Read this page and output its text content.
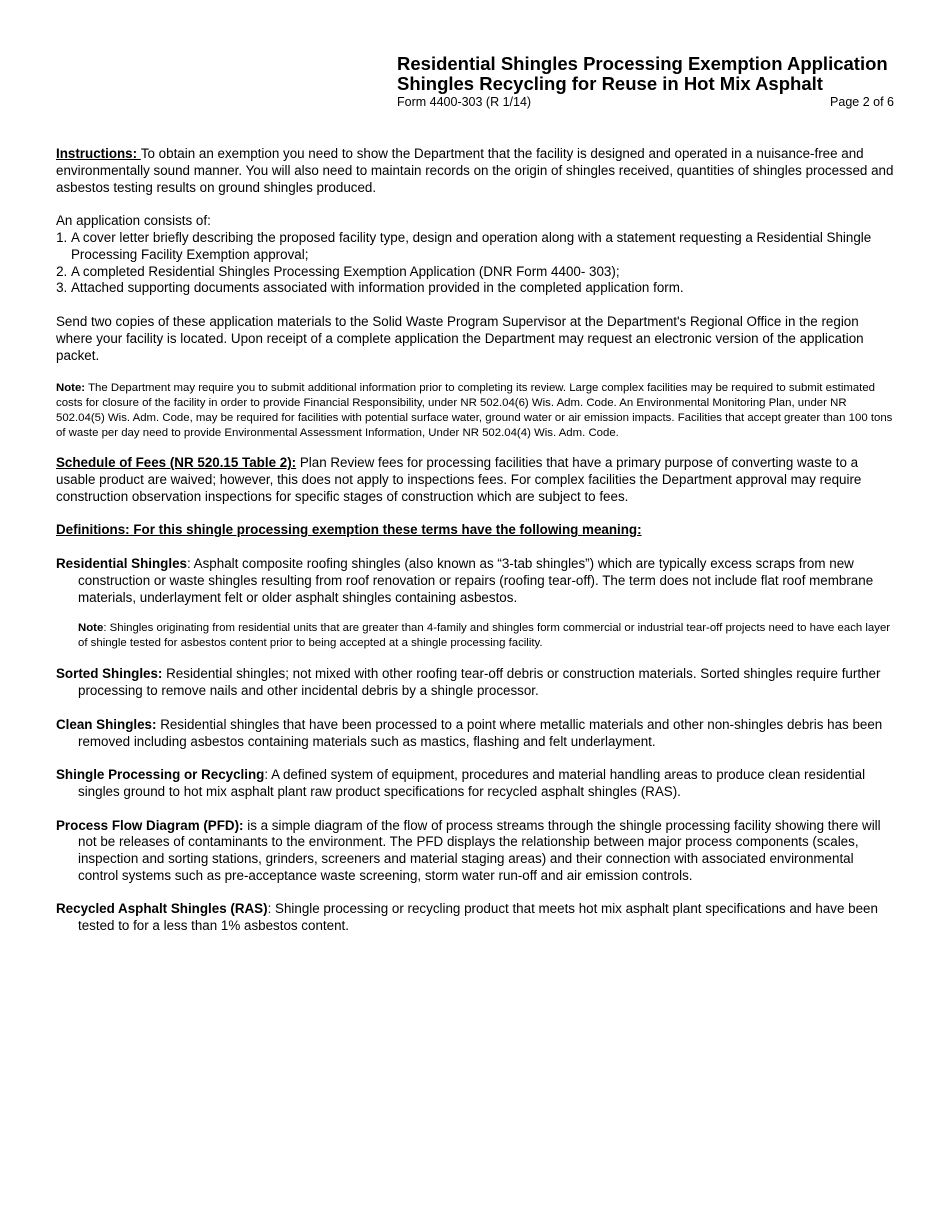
Residential Shingles Processing Exemption Application
Shingles Recycling for Reuse in Hot Mix Asphalt
Form 4400-303 (R 1/14)	Page 2 of 6

Instructions: To obtain an exemption you need to show the Department that the facility is designed and operated in a nuisance-free and environmentally sound manner. You will also need to maintain records on the origin of shingles received, quantities of shingles processed and asbestos testing results on ground shingles produced.

An application consists of:

1. A cover letter briefly describing the proposed facility type, design and operation along with a statement requesting a Residential Shingle Processing Facility Exemption approval;
2. A completed Residential Shingles Processing Exemption Application (DNR Form 4400- 303);
3. Attached supporting documents associated with information provided in the completed application form.

Send two copies of these application materials to the Solid Waste Program Supervisor at the Department's Regional Office in the region where your facility is located. Upon receipt of a complete application the Department may request an electronic version of the application packet.

Note: The Department may require you to submit additional information prior to completing its review. Large complex facilities may be required to submit estimated costs for closure of the facility in order to provide Financial Responsibility, under NR 502.04(6) Wis. Adm. Code. An Environmental Monitoring Plan, under NR 502.04(5) Wis. Adm. Code, may be required for facilities with potential surface water, ground water or air emission impacts. Facilities that accept greater than 100 tons of waste per day need to provide Environmental Assessment Information, Under NR 502.04(4) Wis. Adm. Code.

Schedule of Fees (NR 520.15 Table 2): Plan Review fees for processing facilities that have a primary purpose of converting waste to a usable product are waived; however, this does not apply to inspections fees. For complex facilities the Department approval may require construction observation inspections for specific stages of construction which are subject to fees.

Definitions: For this shingle processing exemption these terms have the following meaning:

Residential Shingles: Asphalt composite roofing shingles (also known as “3-tab shingles”) which are typically excess scraps from new construction or waste shingles resulting from roof renovation or repairs (roofing tear-off). The term does not include flat roof membrane materials, underlayment felt or older asphalt shingles containing asbestos.

Note: Shingles originating from residential units that are greater than 4-family and shingles form commercial or industrial tear-off projects need to have each layer of shingle tested for asbestos content prior to being accepted at a shingle processing facility.

Sorted Shingles: Residential shingles; not mixed with other roofing tear-off debris or construction materials. Sorted shingles require further processing to remove nails and other incidental debris by a shingle processor.

Clean Shingles: Residential shingles that have been processed to a point where metallic materials and other non-shingles debris has been removed including asbestos containing materials such as mastics, flashing and felt underlayment.

Shingle Processing or Recycling: A defined system of equipment, procedures and material handling areas to produce clean residential singles ground to hot mix asphalt plant raw product specifications for recycled asphalt shingles (RAS).

Process Flow Diagram (PFD): is a simple diagram of the flow of process streams through the shingle processing facility showing there will not be releases of contaminants to the environment. The PFD displays the relationship between major process components (scales, inspection and sorting stations, grinders, screeners and material staging areas) and their connection with associated environmental control systems such as pre-acceptance waste screening, storm water run-off and air emission controls.

Recycled Asphalt Shingles (RAS): Shingle processing or recycling product that meets hot mix asphalt plant specifications and have been tested to for a less than 1% asbestos content.
